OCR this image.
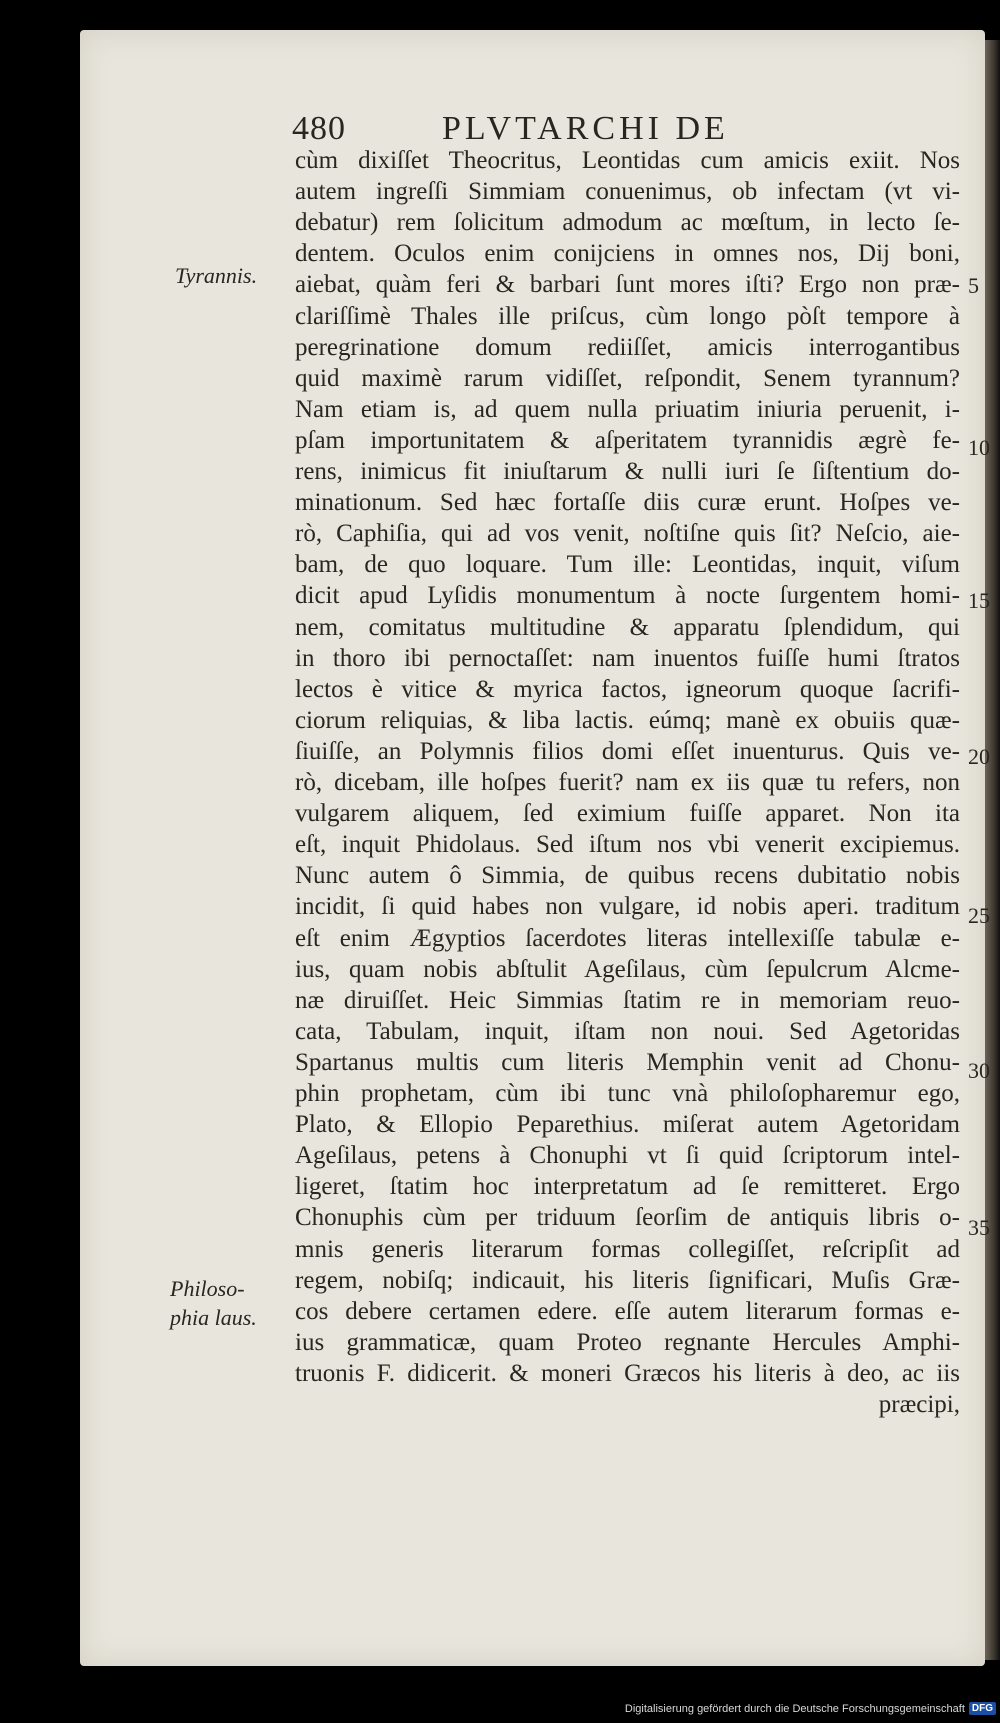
480	PLVTARCHI DE
cùm dixiſſet Theocritus, Leontidas cum amicis exiit. Nos
autem ingreſſi Simmiam conuenimus, ob infectam (vt vi-
debatur) rem ſolicitum admodum ac mœſtum, in lecto ſe-
dentem. Oculos enim conijciens in omnes nos, Dij boni,
aiebat, quàm feri & barbari ſunt mores iſti? Ergo non præ-
clariſſimè Thales ille priſcus, cùm longo pòſt tempore à
peregrinatione domum rediiſſet, amicis interrogantibus
quid maximè rarum vidiſſet, reſpondit, Senem tyrannum?
Nam etiam is, ad quem nulla priuatim iniuria peruenit, i-
pſam importunitatem & aſperitatem tyrannidis ægrè fe-
rens, inimicus fit iniuſtarum & nulli iuri ſe ſiſtentium do-
minationum. Sed hæc fortaſſe diis curæ erunt. Hoſpes ve-
rò, Caphiſia, qui ad vos venit, noſtiſne quis ſit? Neſcio, aie-
bam, de quo loquare. Tum ille: Leontidas, inquit, viſum
dicit apud Lyſidis monumentum à nocte ſurgentem homi-
nem, comitatus multitudine & apparatu ſplendidum, qui
in thoro ibi pernoctaſſet: nam inuentos fuiſſe humi ſtratos
lectos è vitice & myrica factos, ignеorum quoque ſacrifi-
ciorum reliquias, & liba lactis. eúmq; manè ex obuiis quæ-
ſiuiſſe, an Polymnis filios domi eſſet inuenturus. Quis ve-
rò, dicebam, ille hoſpes fuerit? nam ex iis quæ tu refers, non
vulgarem aliquem, ſed eximium fuiſſe apparet. Non ita
eſt, inquit Phidolaus. Sed iſtum nos vbi venerit excipiemus.
Nunc autem ô Simmia, de quibus recens dubitatio nobis
incidit, ſi quid habes non vulgare, id nobis aperi. traditum
eſt enim Ægyptios ſacerdotes literas intellexiſſe tabulæ e-
ius, quam nobis abſtulit Ageſilaus, cùm ſepulcrum Alcme-
næ diruiſſet. Heic Simmias ſtatim re in memoriam reuo-
cata, Tabulam, inquit, iſtam non noui. Sed Agetoridas
Spartanus multis cum literis Memphin venit ad Chonu-
phin prophetam, cùm ibi tunc vnà philoſopharemur ego,
Plato, & Ellopio Peparethius. miſerat autem Agetoridam
Ageſilaus, petens à Chonuphi vt ſi quid ſcriptorum intel-
ligeret, ſtatim hoc interpretatum ad ſe remitteret. Ergo
Chonuphis cùm per triduum ſeorſim de antiquis libris o-
mnis generis literarum formas collegiſſet, reſcripſit ad
regem, nobiſq; indicauit, his literis ſignificari, Muſis Græ-
cos debere certamen edere. eſſe autem literarum formas e-
ius grammaticæ, quam Proteo regnante Hercules Amphi-
truonis F. didicerit. & moneri Græcos his literis à deo, ac iis
præcipi,
Tyrannis.
Philoso-
phia laus.
5
10
15
20
25
30
35
Digitalisierung gefördert durch die Deutsche Forschungsgemeinschaft DFG
